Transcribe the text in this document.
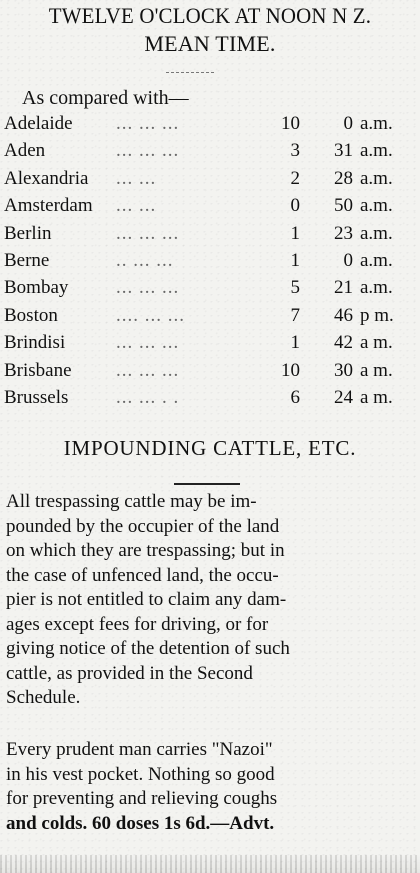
TWELVE O'CLOCK AT NOON N Z.
MEAN TIME.
As compared with—
Adelaide ... ... ...	10	0 a.m.
Aden	... ... ...	3	31 a.m.
Alexandria ... ...	2	28 a.m.
Amsterdam ... ...	0	50 a.m.
Berlin	... ... ...	1	23 a.m.
Berne	.. ... ...	1	0 a.m.
Bombay	... ... ...	5	21 a.m.
Boston	.... ... ...	7	46 p m.
Brindisi	... ... ...	1	42 a m.
Brisbane ... ... ...	10	30 a m.
Brussels	... ... . .	6	24 a m.
IMPOUNDING CATTLE, ETC.
All trespassing cattle may be im-
pounded by the occupier of the land
on which they are trespassing; but in
the case of unfenced land, the occu-
pier is not entitled to claim any dam-
ages except fees for driving, or for
giving notice of the detention of such
cattle, as provided in the Second
Schedule.
Every prudent man carries "Nazoi"
in his vest pocket. Nothing so good
for preventing and relieving coughs
and colds. 60 doses 1s 6d.—Advt.
